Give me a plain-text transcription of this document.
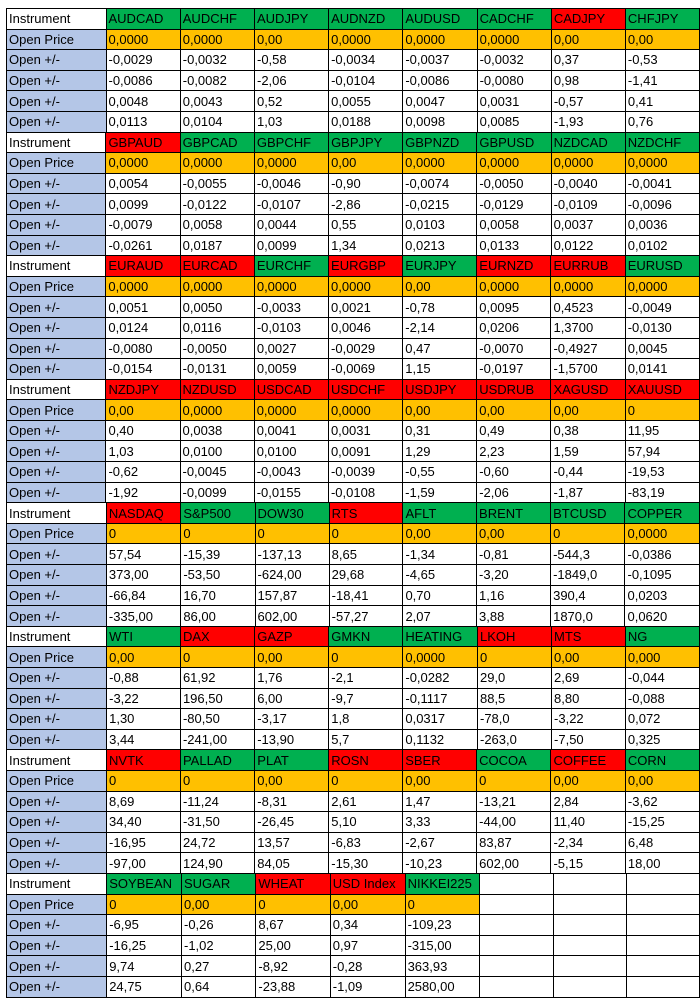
Instrument	AUDCAD	AUDCHF	AUDJPY	AUDNZD	AUDUSD	CADCHF	CADJPY	CHFJPY
Open Price	0,0000	0,0000	0,00	0,0000	0,0000	0,0000	0,00	0,00
Open +/-	-0,0029	-0,0032	-0,58	-0,0034	-0,0037	-0,0032	0,37	-0,53
Open +/-	-0,0086	-0,0082	-2,06	-0,0104	-0,0086	-0,0080	0,98	-1,41
Open +/-	0,0048	0,0043	0,52	0,0055	0,0047	0,0031	-0,57	0,41
Open +/-	0,0113	0,0104	1,03	0,0188	0,0098	0,0085	-1,93	0,76
Instrument	GBPAUD	GBPCAD	GBPCHF	GBPJPY	GBPNZD	GBPUSD	NZDCAD	NZDCHF
Open Price	0,0000	0,0000	0,0000	0,00	0,0000	0,0000	0,0000	0,0000
Open +/-	0,0054	-0,0055	-0,0046	-0,90	-0,0074	-0,0050	-0,0040	-0,0041
Open +/-	0,0099	-0,0122	-0,0107	-2,86	-0,0215	-0,0129	-0,0109	-0,0096
Open +/-	-0,0079	0,0058	0,0044	0,55	0,0103	0,0058	0,0037	0,0036
Open +/-	-0,0261	0,0187	0,0099	1,34	0,0213	0,0133	0,0122	0,0102
Instrument	EURAUD	EURCAD	EURCHF	EURGBP	EURJPY	EURNZD	EURRUB	EURUSD
Open Price	0,0000	0,0000	0,0000	0,0000	0,00	0,0000	0,0000	0,0000
Open +/-	0,0051	0,0050	-0,0033	0,0021	-0,78	0,0095	0,4523	-0,0049
Open +/-	0,0124	0,0116	-0,0103	0,0046	-2,14	0,0206	1,3700	-0,0130
Open +/-	-0,0080	-0,0050	0,0027	-0,0029	0,47	-0,0070	-0,4927	0,0045
Open +/-	-0,0154	-0,0131	0,0059	-0,0069	1,15	-0,0197	-1,5700	0,0141
Instrument	NZDJPY	NZDUSD	USDCAD	USDCHF	USDJPY	USDRUB	XAGUSD	XAUUSD
Open Price	0,00	0,0000	0,0000	0,0000	0,00	0,00	0,00	0
Open +/-	0,40	0,0038	0,0041	0,0031	0,31	0,49	0,38	11,95
Open +/-	1,03	0,0100	0,0100	0,0091	1,29	2,23	1,59	57,94
Open +/-	-0,62	-0,0045	-0,0043	-0,0039	-0,55	-0,60	-0,44	-19,53
Open +/-	-1,92	-0,0099	-0,0155	-0,0108	-1,59	-2,06	-1,87	-83,19
Instrument	NASDAQ	S&P500	DOW30	RTS	AFLT	BRENT	BTCUSD	COPPER
Open Price	0	0	0	0	0,00	0,00	0	0,0000
Open +/-	57,54	-15,39	-137,13	8,65	-1,34	-0,81	-544,3	-0,0386
Open +/-	373,00	-53,50	-624,00	29,68	-4,65	-3,20	-1849,0	-0,1095
Open +/-	-66,84	16,70	157,87	-18,41	0,70	1,16	390,4	0,0203
Open +/-	-335,00	86,00	602,00	-57,27	2,07	3,88	1870,0	0,0620
Instrument	WTI	DAX	GAZP	GMKN	HEATING	LKOH	MTS	NG
Open Price	0,00	0	0,00	0	0,0000	0	0,00	0,000
Open +/-	-0,88	61,92	1,76	-2,1	-0,0282	29,0	2,69	-0,044
Open +/-	-3,22	196,50	6,00	-9,7	-0,1117	88,5	8,80	-0,088
Open +/-	1,30	-80,50	-3,17	1,8	0,0317	-78,0	-3,22	0,072
Open +/-	3,44	-241,00	-13,90	5,7	0,1132	-263,0	-7,50	0,325
Instrument	NVTK	PALLAD	PLAT	ROSN	SBER	COCOA	COFFEE	CORN
Open Price	0	0	0,00	0	0,00	0	0,00	0,00
Open +/-	8,69	-11,24	-8,31	2,61	1,47	-13,21	2,84	-3,62
Open +/-	34,40	-31,50	-26,45	5,10	3,33	-44,00	11,40	-15,25
Open +/-	-16,95	24,72	13,57	-6,83	-2,67	83,87	-2,34	6,48
Open +/-	-97,00	124,90	84,05	-15,30	-10,23	602,00	-5,15	18,00
Instrument	SOYBEAN	SUGAR	WHEAT	USD Index	NIKKEI225			
Open Price	0	0,00	0	0,00	0			
Open +/-	-6,95	-0,26	8,67	0,34	-109,23			
Open +/-	-16,25	-1,02	25,00	0,97	-315,00			
Open +/-	9,74	0,27	-8,92	-0,28	363,93			
Open +/-	24,75	0,64	-23,88	-1,09	2580,00			
